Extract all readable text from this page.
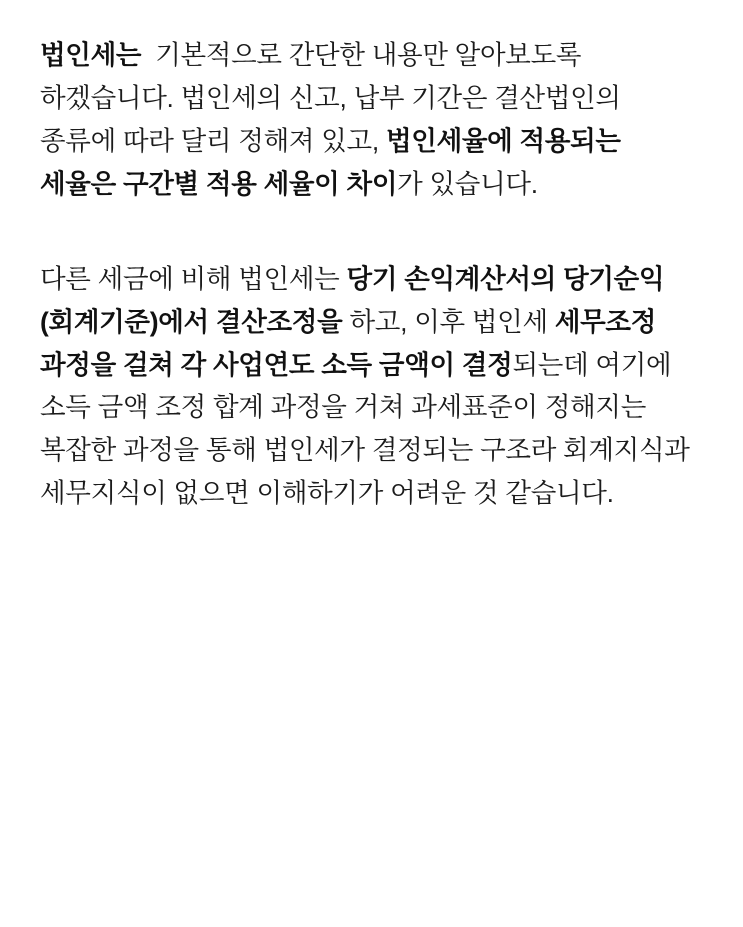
법인세는 기본적으로 간단한 내용만 알아보도록 하겠습니다. 법인세의 신고, 납부 기간은 결산법인의 종류에 따라 달리 정해져 있고, 법인세율에 적용되는 세율은 구간별 적용 세율이 차이가 있습니다.

다른 세금에 비해 법인세는 당기 손익계산서의 당기순익(회계기준)에서 결산조정을 하고, 이후 법인세 세무조정 과정을 걸쳐 각 사업연도 소득 금액이 결정되는데 여기에 소득 금액 조정 합계 과정을 거쳐 과세표준이 정해지는 복잡한 과정을 통해 법인세가 결정되는 구조라 회계지식과 세무지식이 없으면 이해하기가 어려운 것 같습니다.
